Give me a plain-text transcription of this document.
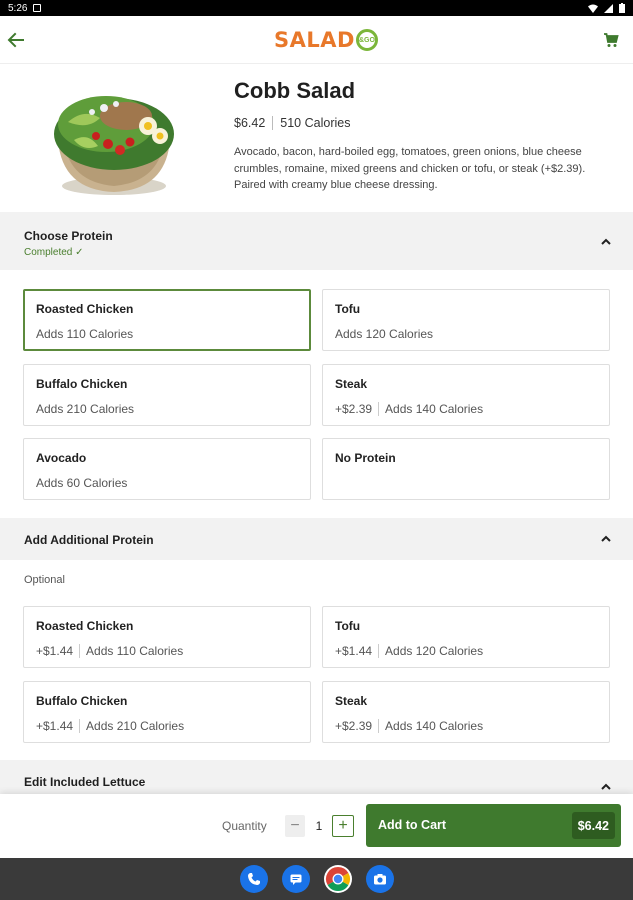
5:26
SALAD &GO
Cobb Salad
$6.42 510 Calories
Avocado, bacon, hard-boiled egg, tomatoes, green onions, blue cheese crumbles, romaine, mixed greens and chicken or tofu, or steak (+$2.39). Paired with creamy blue cheese dressing.
Choose Protein
Completed ✓
Roasted Chicken
Adds 110 Calories
Tofu
Adds 120 Calories
Buffalo Chicken
Adds 210 Calories
Steak
+$2.39 Adds 140 Calories
Avocado
Adds 60 Calories
No Protein
Add Additional Protein
Optional
Roasted Chicken
+$1.44 Adds 110 Calories
Tofu
+$1.44 Adds 120 Calories
Buffalo Chicken
+$1.44 Adds 210 Calories
Steak
+$2.39 Adds 140 Calories
Edit Included Lettuce
Quantity	−	1 +	Add to Cart	$6.42
